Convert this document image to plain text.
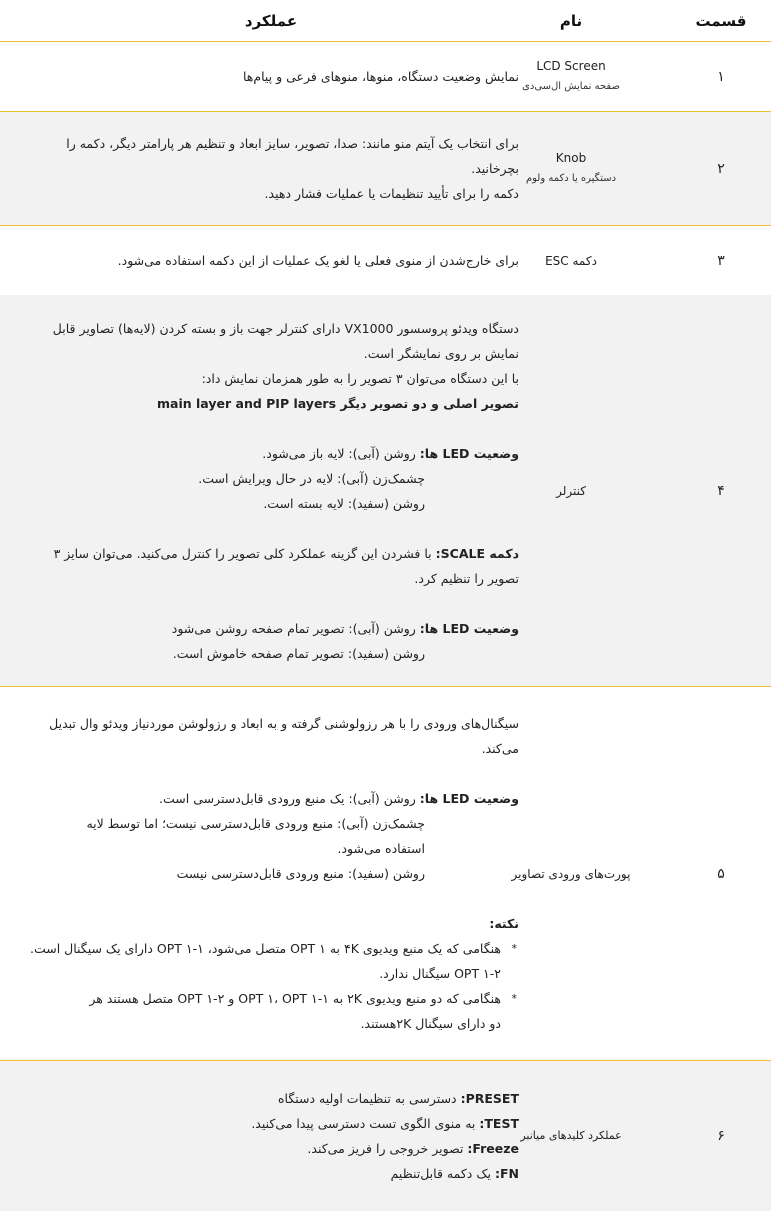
قسمت
نام
عملکرد
۱
LCD Screen
صفحه نمایش ال‌سی‌دی
نمایش وضعیت دستگاه، منوها، منوهای فرعی و پیام‌ها
۲
Knob
دستگیره یا دکمه ولوم
برای انتخاب یک آیتم منو مانند: صدا، تصویر، سایز ابعاد و تنظیم هر پارامتر دیگر، دکمه را بچرخانید.
دکمه را برای تأیید تنظیمات یا عملیات فشار دهید.
۳
دکمه ESC
برای خارج‌شدن از منوی فعلی یا لغو یک عملیات از این دکمه استفاده می‌شود.
۴
کنترلر
دستگاه ویدئو پروسسور VX1000 دارای کنترلر جهت باز و بسته کردن (لایه‌ها) تصاویر قابل نمایش بر روی نمایشگر است.
با این دستگاه می‌توان ۳ تصویر را به طور همزمان نمایش داد:
تصویر اصلی و دو تصویر دیگر main layer and PIP layers
وضعیت LED ها: روشن (آبی): لایه باز می‌شود.
چشمک‌زن (آبی): لایه در حال ویرایش است.
روشن (سفید): لایه بسته است.
دکمه SCALE: با فشردن این گزینه عملکرد کلی تصویر را کنترل می‌کنید. می‌توان سایز ۳ تصویر را تنظیم کرد.
وضعیت LED ها: روشن (آبی): تصویر تمام صفحه روشن می‌شود
روشن (سفید): تصویر تمام صفحه خاموش است.
۵
پورت‌های ورودی تصاویر
سیگنال‌های ورودی را با هر رزولوشنی گرفته و به ابعاد و رزولوشن موردنیاز ویدئو وال تبدیل می‌کند.
وضعیت LED ها: روشن (آبی): یک منبع ورودی قابل‌دسترسی است.
چشمک‌زن (آبی): منبع ورودی قابل‌دسترسی نیست؛ اما توسط لایه استفاده می‌شود.
روشن (سفید): منبع ورودی قابل‌دسترسی نیست
نکته:
* هنگامی که یک منبع ویدیوی ۴K به OPT ۱ متصل می‌شود، ۱-OPT ۱ دارای یک سیگنال است. ۲-OPT ۱ سیگنال ندارد.
* هنگامی که دو منبع ویدیوی ۲K به ۱-OPT ۱، OPT ۱ و ۲-OPT ۱ متصل هستند هر دو دارای سیگنال ۲Kهستند.
۶
عملکرد کلیدهای میانبر
PRESET: دسترسی به تنظیمات اولیه دستگاه
TEST: به منوی الگوی تست دسترسی پیدا می‌کنید.
Freeze: تصویر خروجی را فریز می‌کند.
FN: یک دکمه قابل‌تنظیم
